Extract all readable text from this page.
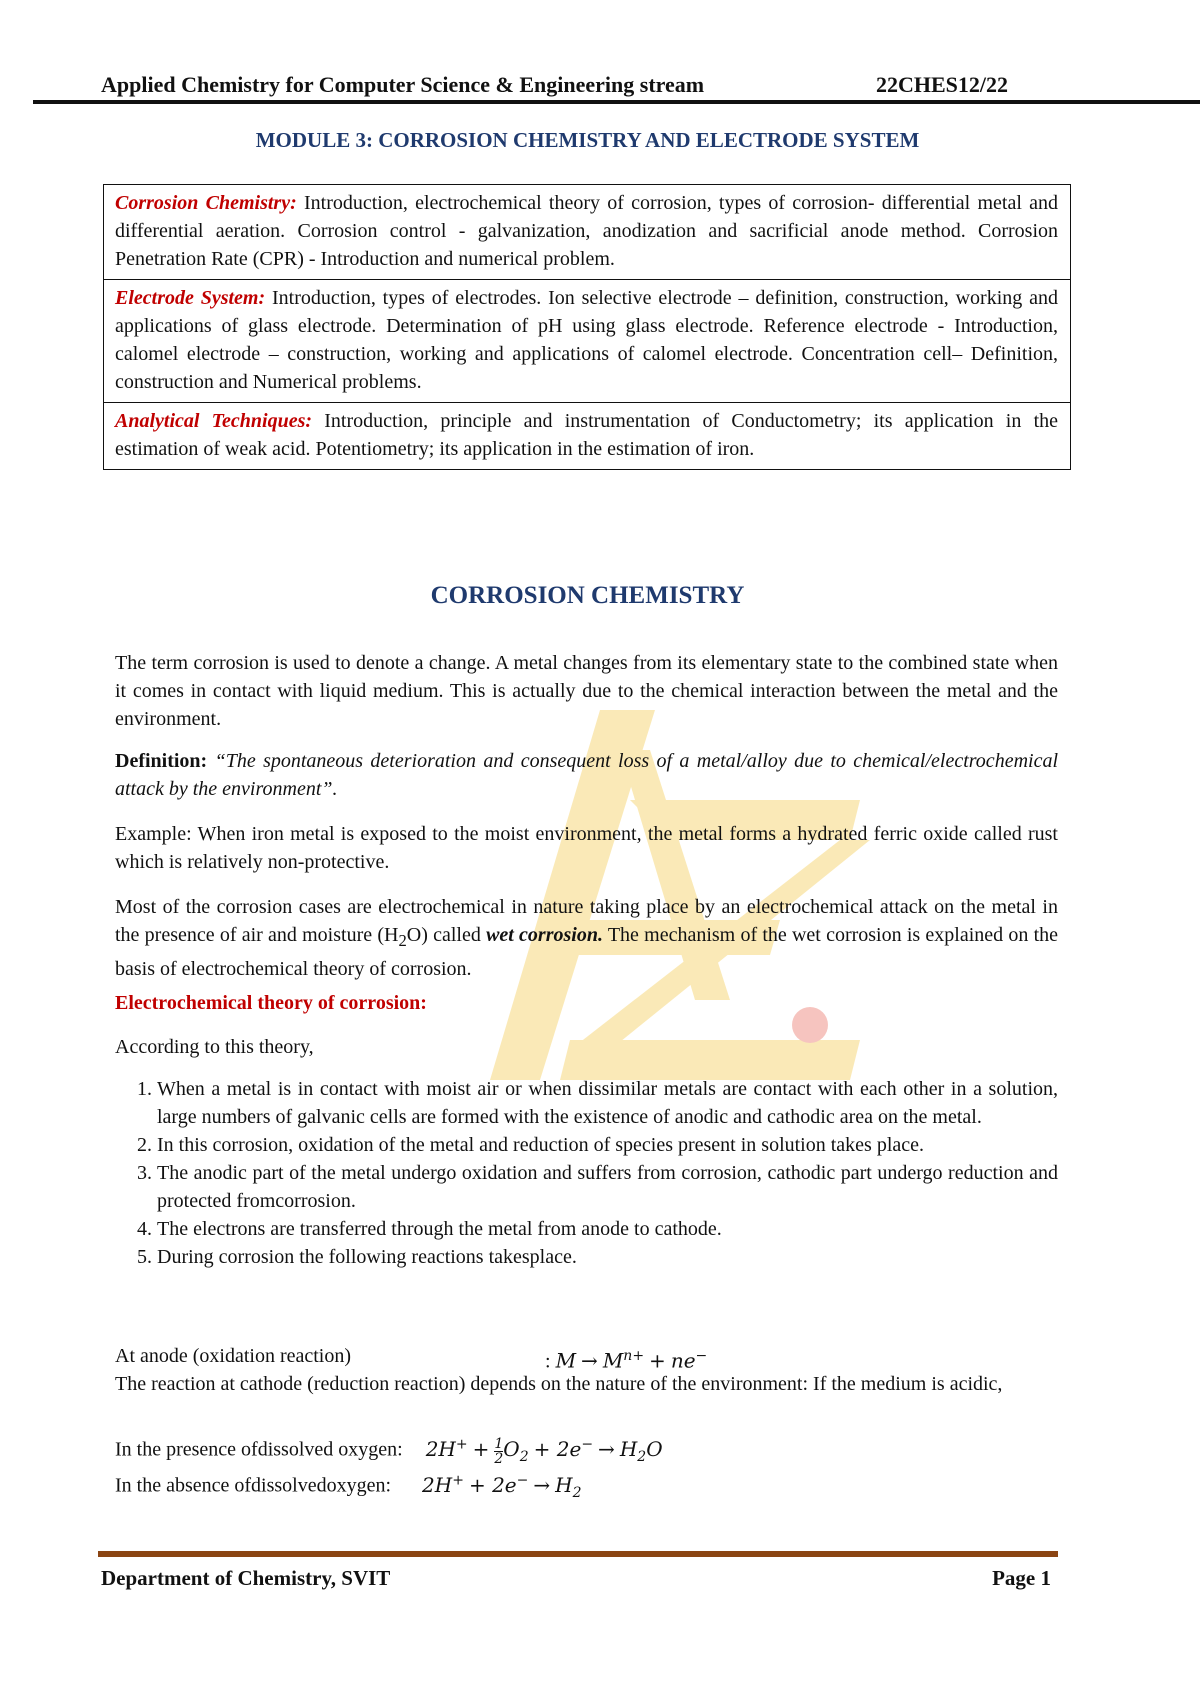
Applied Chemistry for Computer Science & Engineering stream	22CHES12/22
MODULE 3: CORROSION CHEMISTRY AND ELECTRODE SYSTEM
Corrosion Chemistry: Introduction, electrochemical theory of corrosion, types of corrosion- differential metal and differential aeration. Corrosion control - galvanization, anodization and sacrificial anode method. Corrosion Penetration Rate (CPR) - Introduction and numerical problem.
Electrode System: Introduction, types of electrodes. Ion selective electrode – definition, construction, working and applications of glass electrode. Determination of pH using glass electrode. Reference electrode - Introduction, calomel electrode – construction, working and applications of calomel electrode. Concentration cell– Definition, construction and Numerical problems.
Analytical Techniques: Introduction, principle and instrumentation of Conductometry; its application in the estimation of weak acid. Potentiometry; its application in the estimation of iron.
CORROSION CHEMISTRY

The term corrosion is used to denote a change. A metal changes from its elementary state to the combined state when it comes in contact with liquid medium. This is actually due to the chemical interaction between the metal and the environment.

Definition: “The spontaneous deterioration and consequent loss of a metal/alloy due to chemical/electrochemical attack by the environment”.

Example: When iron metal is exposed to the moist environment, the metal forms a hydrated ferric oxide called rust which is relatively non-protective.

Most of the corrosion cases are electrochemical in nature taking place by an electrochemical attack on the metal in the presence of air and moisture $(H_2O)$ called wet corrosion. The mechanism of the wet corrosion is explained on the basis of electrochemical theory of corrosion.

Electrochemical theory of corrosion:
According to this theory,
1. When a metal is in contact with moist air or when dissimilar metals are contact with each other in a solution, large numbers of galvanic cells are formed with the existence of anodic and cathodic area on the metal.
2. In this corrosion, oxidation of the metal and reduction of species present in solution takes place.
3. The anodic part of the metal undergo oxidation and suffers from corrosion, cathodic part undergo reduction and protected fromcorrosion.
4. The electrons are transferred through the metal from anode to cathode.
5. During corrosion the following reactions takesplace.
At anode (oxidation reaction)	: $M \to M^{n+} + ne^-$

The reaction at cathode (reduction reaction) depends on the nature of the environment: If the medium is acidic,

In the presence ofdissolved oxygen: $2H^+ + \frac{1}{2} O_2 + 2e^- \to H_2O$
In the absence ofdissolvedoxygen: $2H^+ + 2e^- \to H_2$
Department of Chemistry, SVIT	Page 1
